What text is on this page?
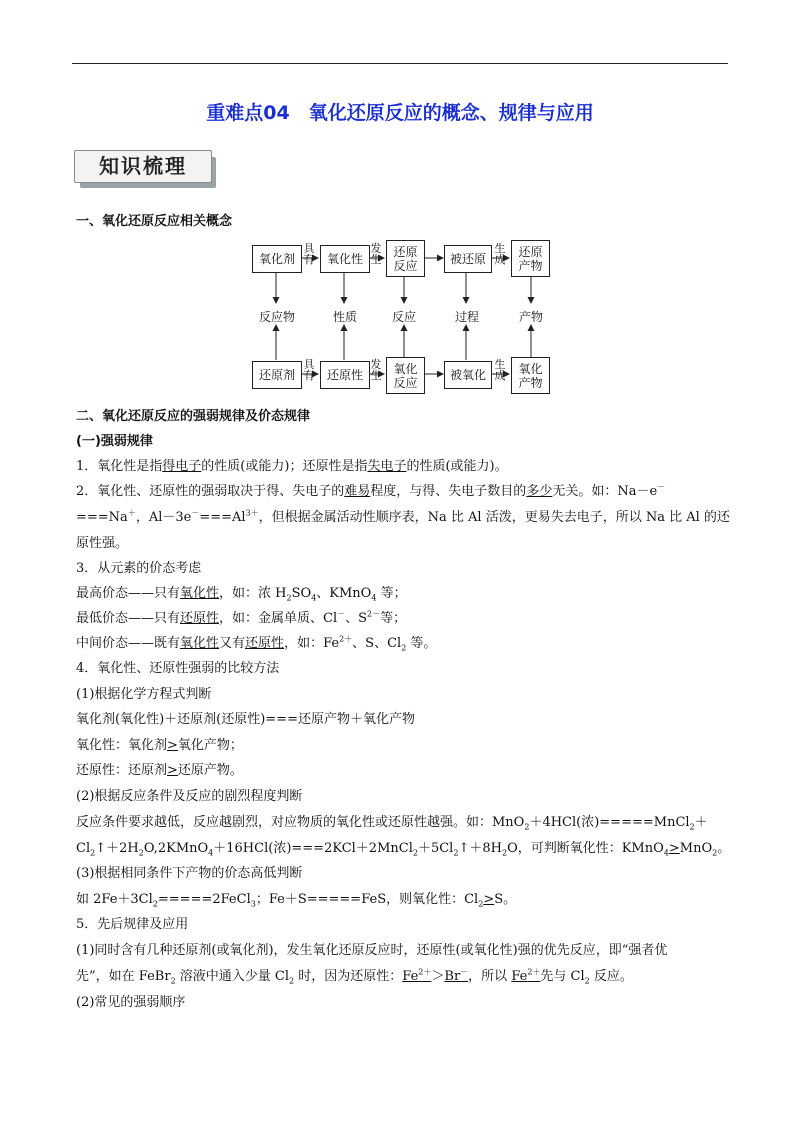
重难点04　氧化还原反应的概念、规律与应用
知识梳理
一、氧化还原反应相关概念
氧化剂	氧化性
还原
反应	被还原
还原
产物
具
有
发
生
生
成
反应物	性质	反应	过程	产物
还原剂	还原性	氧化
反应
被氧化	氧化
产物
具
有
发
生
生
成
二、氧化还原反应的强弱规律及价态规律
(一)强弱规律
1．氧化性是指得电子的性质(或能力)；还原性是指失电子的性质(或能力)。
2．氧化性、还原性的强弱取决于得、失电子的难易程度，与得、失电子数目的多少无关。如：Na－e－
===Na＋，$Al-3e^-===Al^{3+}$，但根据金属活动性顺序表，Na 比 Al 活泼，更易失去电子，所以 Na 比 Al 的还
原性强。
3．从元素的价态考虑
最高价态——只有氧化性，如：浓 $H_2SO_4$、KMnO$_4$ 等；
最低价态——只有还原性，如：金属单质、Cl－、$S^{2-}$等；
中间价态——既有氧化性又有还原性，如：$Fe^{2+}$、S、$Cl_2$ 等。
4．氧化性、还原性强弱的比较方法
(1)根据化学方程式判断
氧化剂(氧化性)＋还原剂(还原性)===还原产物＋氧化产物
氧化性：氧化剂>氧化产物；
还原性：还原剂>还原产物。
(2)根据反应条件及反应的剧烈程度判断
反应条件要求越低，反应越剧烈，对应物质的氧化性或还原性越强。如：MnO$_2$＋4HCl(浓)=====MnCl$_2$＋
$Cl_2↑+2H_2O,2KMnO_4+16HCl$(浓)$===2KCl+2MnCl_2+5Cl_2↑+8H_2O$，可判断氧化性：KMnO$_4$>MnO$_2$。
(3)根据相同条件下产物的价态高低判断
如 $2Fe+3Cl_2=====2FeCl_3$；Fe＋S=====FeS，则氧化性：$Cl_2>S$。
5．先后规律及应用
(1)同时含有几种还原剂(或氧化剂)，发生氧化还原反应时，还原性(或氧化性)强的优先反应，即“强者优
先”，如在 FeBr$_2$ 溶液中通入少量 $Cl_2$ 时，因为还原性：$Fe^{2+}>Br^-$，所以 $Fe^{2+}$先与 $Cl_2$ 反应。
(2)常见的强弱顺序
